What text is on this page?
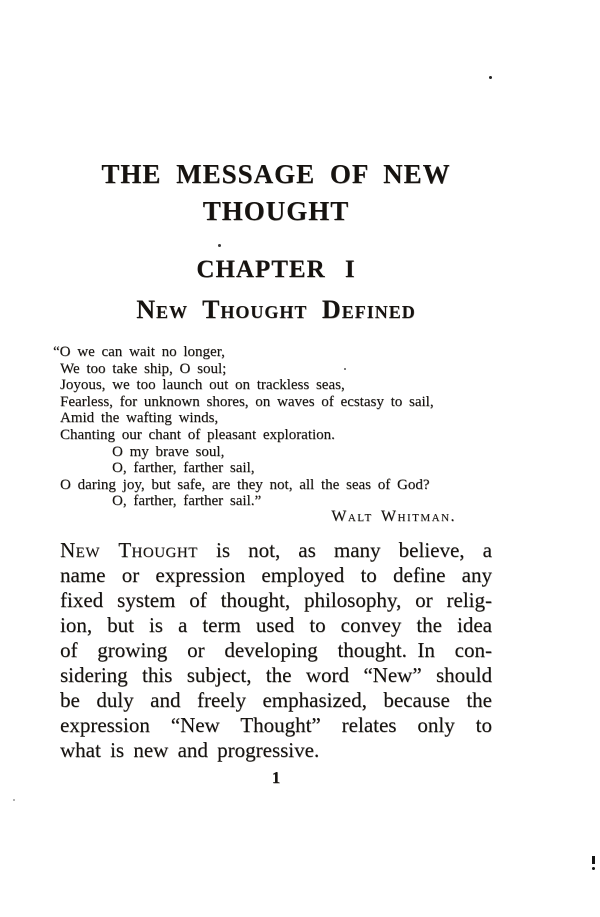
THE MESSAGE OF NEW
THOUGHT
CHAPTER I
New Thought Defined
“O we can wait no longer,
We too take ship, O soul;
Joyous, we too launch out on trackless seas,
Fearless, for unknown shores, on waves of ecstasy to sail,
Amid the wafting winds,
Chanting our chant of pleasant exploration.
O my brave soul,
O, farther, farther sail,
O daring joy, but safe, are they not, all the seas of God?
O, farther, farther sail.”
Walt Whitman.
New Thought is not, as many believe, a
name or expression employed to define any
fixed system of thought, philosophy, or relig-
ion, but is a term used to convey the idea
of growing or developing thought. In con-
sidering this subject, the word “New” should
be duly and freely emphasized, because the
expression “New Thought” relates only to
what is new and progressive.
1
